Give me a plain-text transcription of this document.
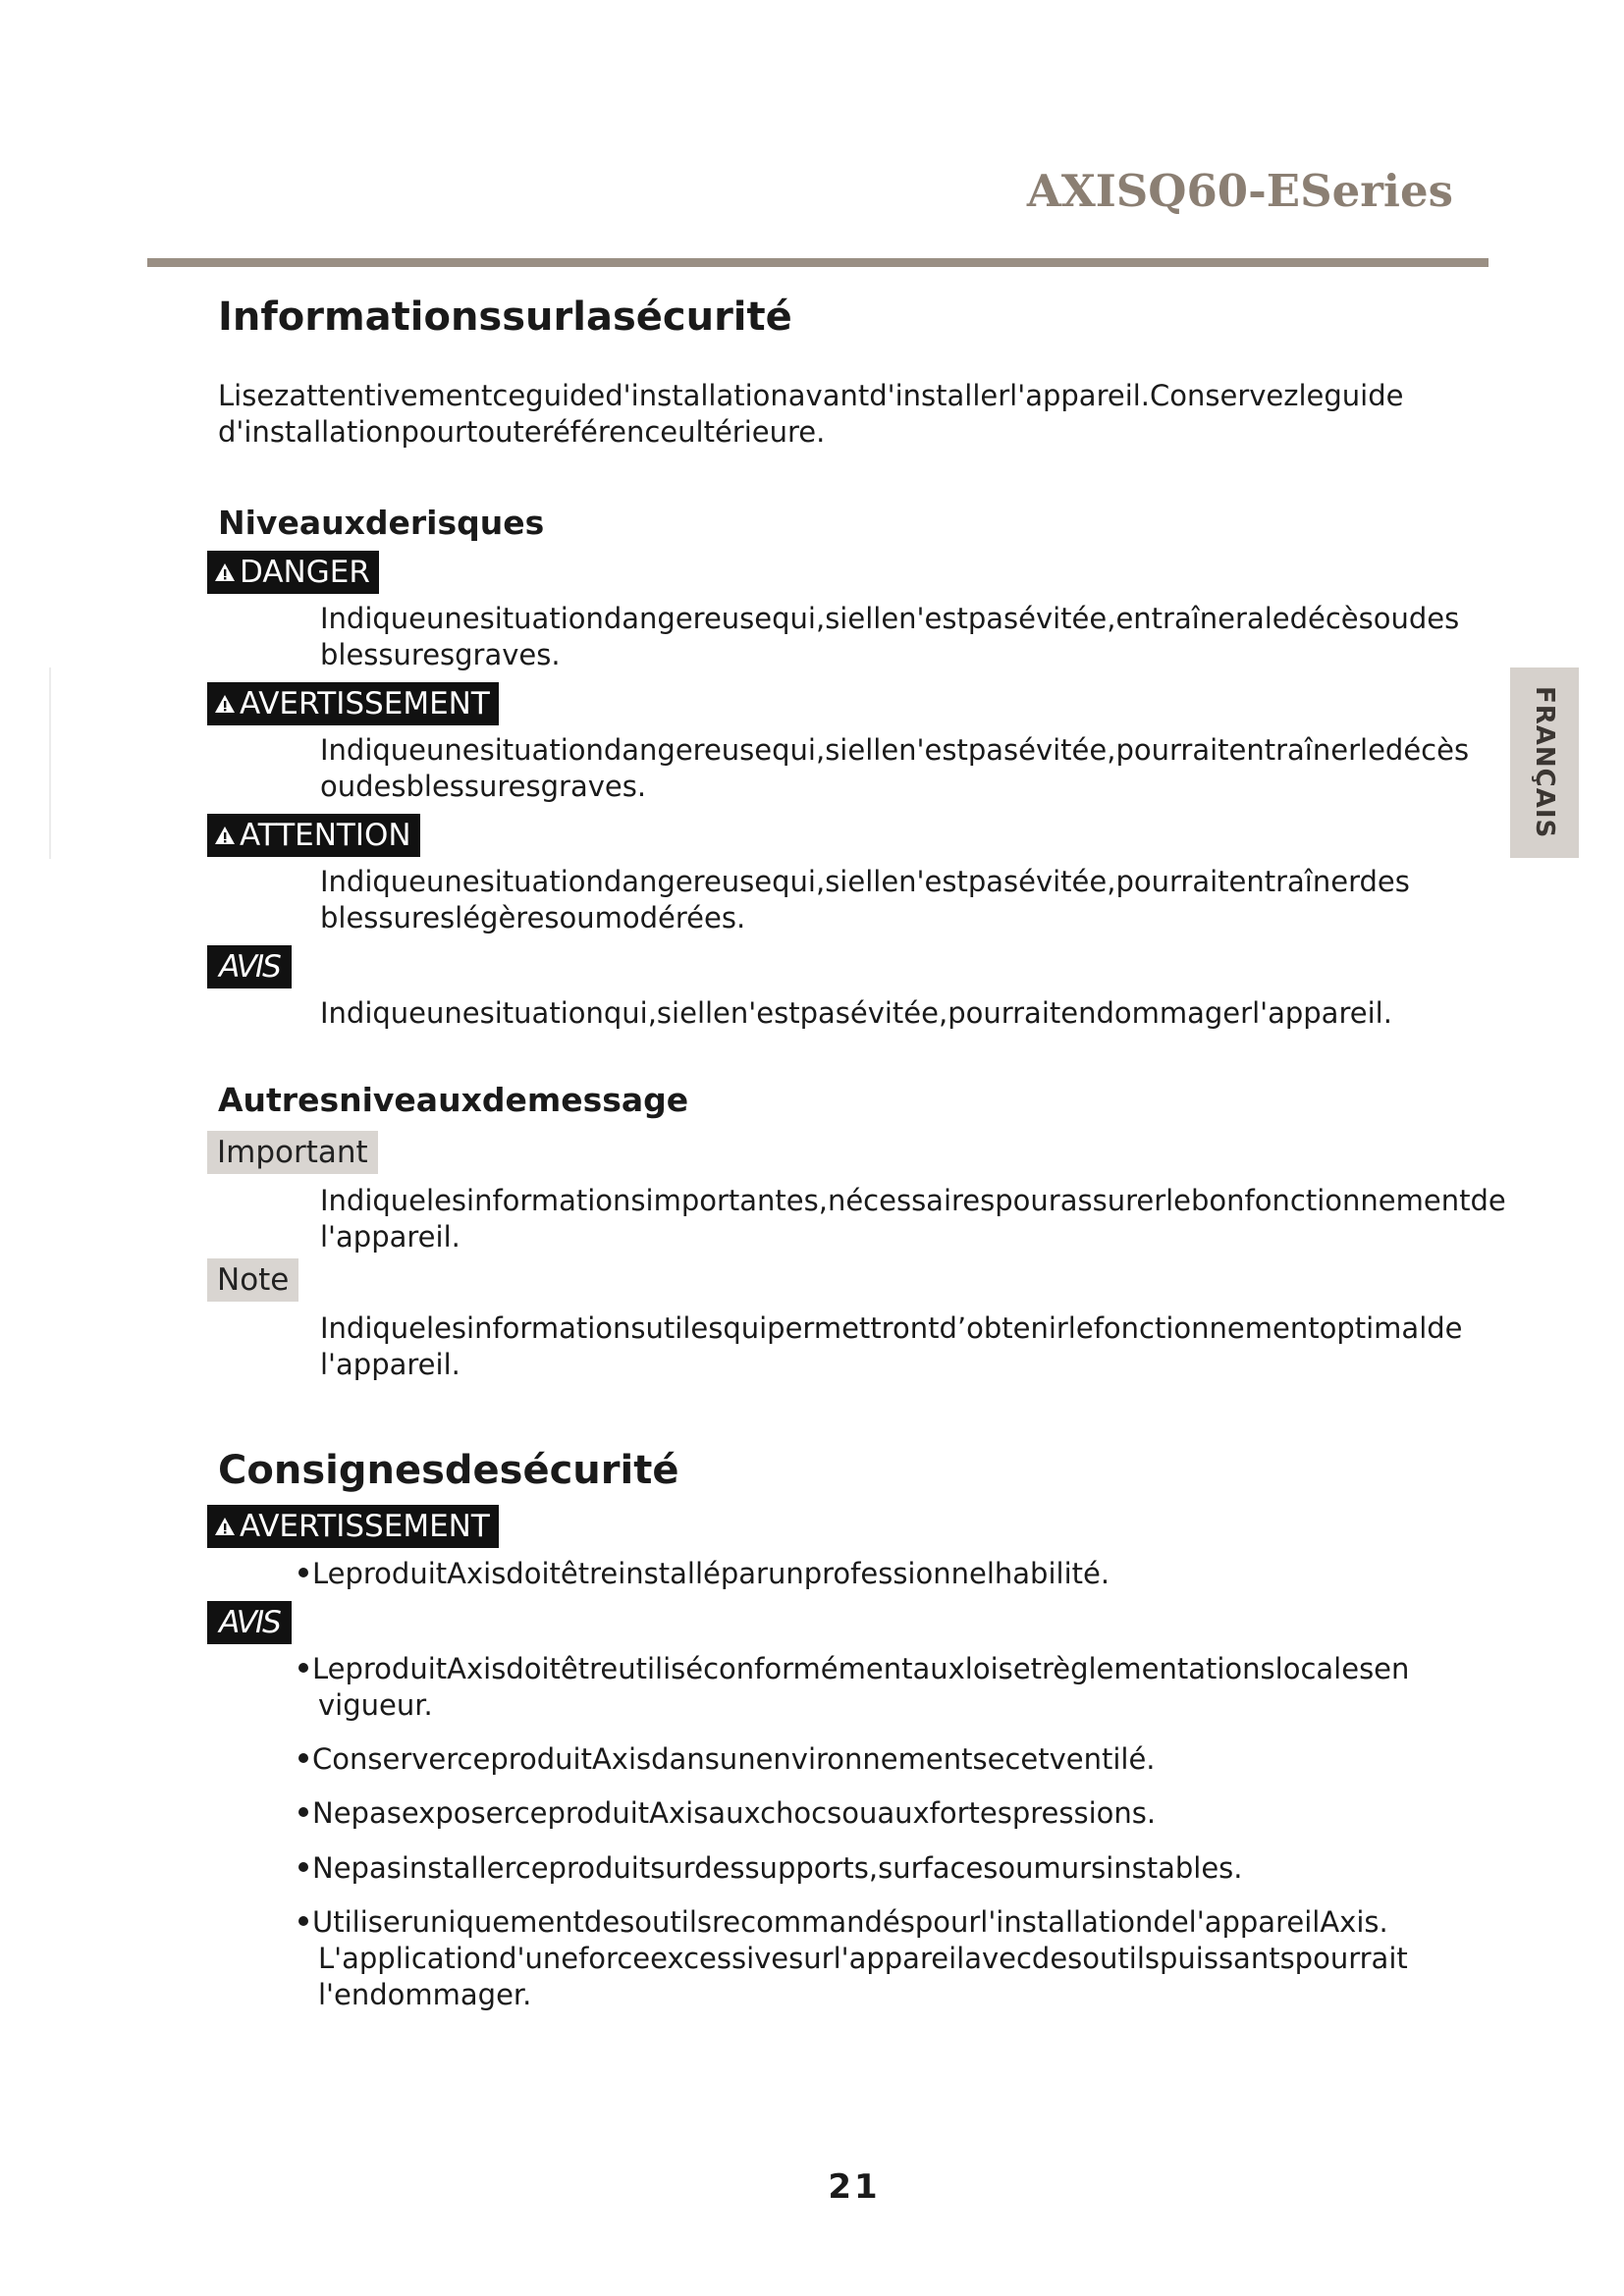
AXISQ60-ESeries
FRANÇAIS
Informationssurlasécurité
Lisezattentivementceguided'installationavantd'installerl'appareil.Conservezleguide
d'installationpourtouteréférenceultérieure.
Niveauxderisques
DANGER
Indiqueunesituationdangereusequi,siellen'estpasévitée,entraîneraledécèsoudes
blessuresgraves.
AVERTISSEMENT
Indiqueunesituationdangereusequi,siellen'estpasévitée,pourraitentraînerledécès
oudesblessuresgraves.
ATTENTION
Indiqueunesituationdangereusequi,siellen'estpasévitée,pourraitentraînerdes
blessureslégèresoumodérées.
AVIS
Indiqueunesituationqui,siellen'estpasévitée,pourraitendommagerl'appareil.
Autresniveauxdemessage
Important
Indiquelesinformationsimportantes,nécessairespourassurerlebonfonctionnementde
l'appareil.
Note
Indiquelesinformationsutilesquipermettrontd’obtenirlefonctionnementoptimalde
l'appareil.
Consignesdesécurité
AVERTISSEMENT
LeproduitAxisdoitêtreinstalléparunprofessionnelhabilité.
AVIS
LeproduitAxisdoitêtreutiliséconformémentauxloisetrèglementationslocalesen
vigueur.
ConserverceproduitAxisdansunenvironnementsecetventilé.
NepasexposerceproduitAxisauxchocsouauxfortespressions.
Nepasinstallerceproduitsurdessupports,surfacesoumursinstables.
Utiliseruniquementdesoutilsrecommandéspourl'installationdel'appareilAxis.
L'applicationd'uneforceexcessivesurl'appareilavecdesoutilspuissantspourrait
l'endommager.
21
